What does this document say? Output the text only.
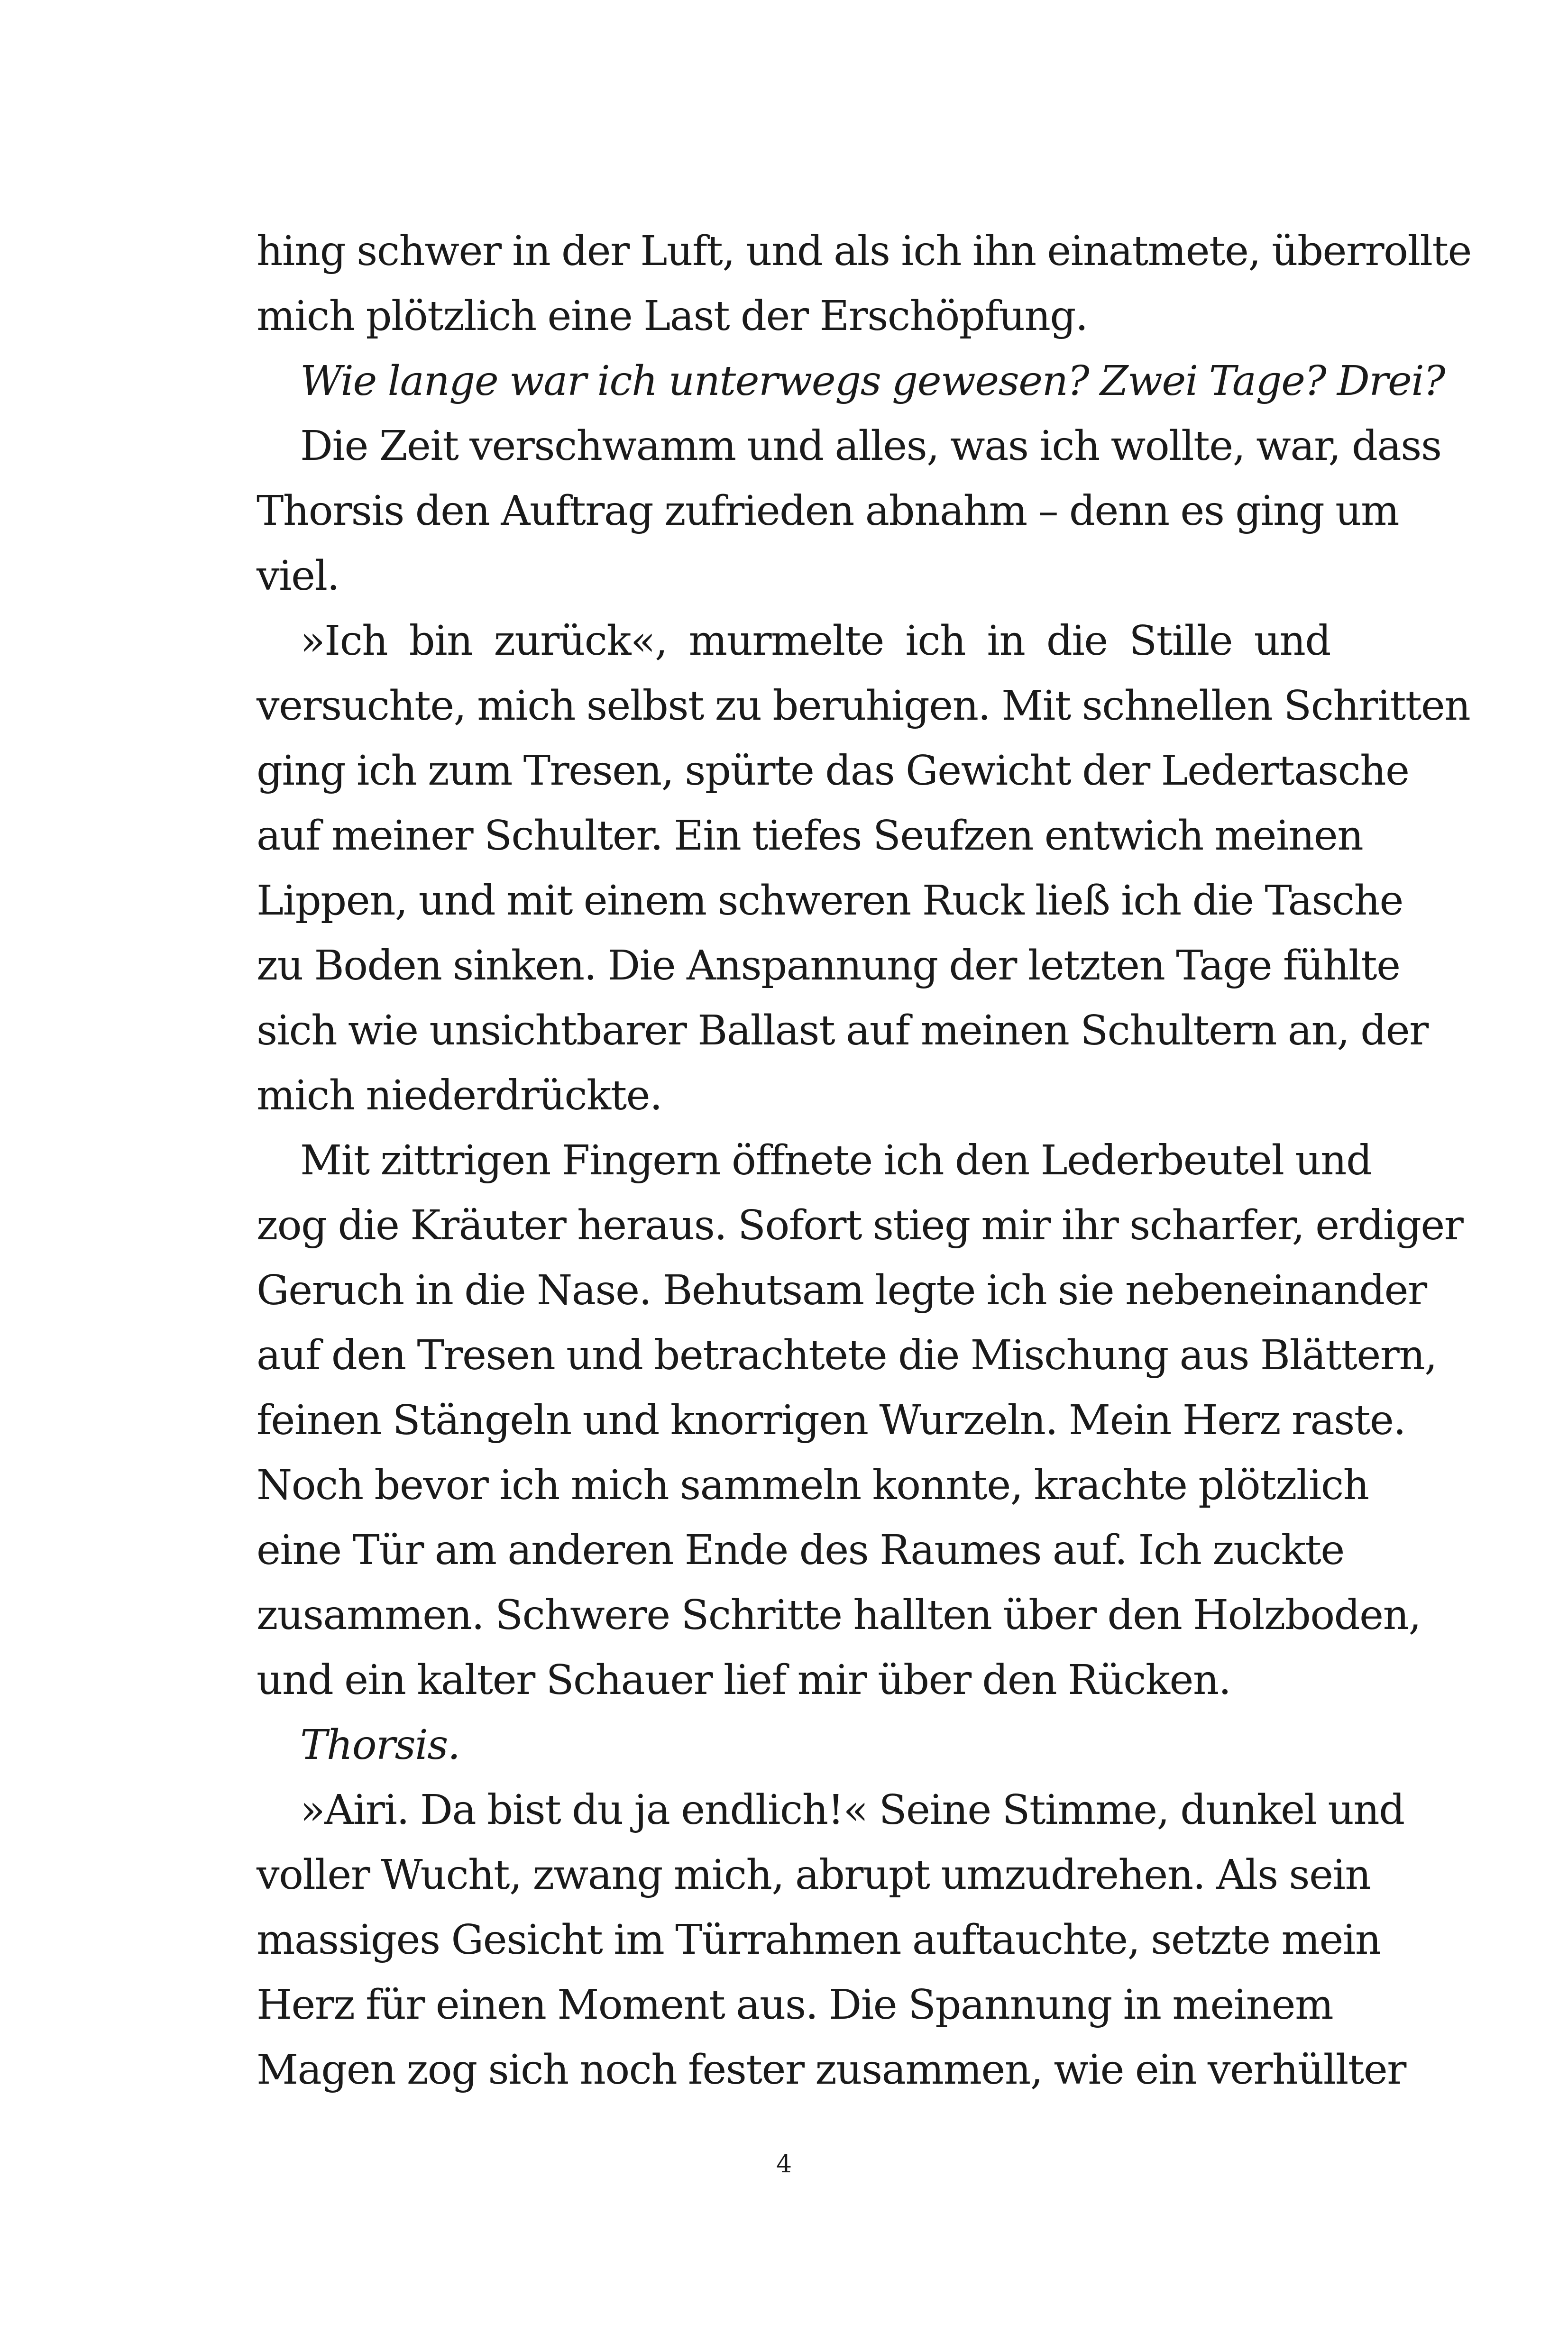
hing schwer in der Luft, und als ich ihn einatmete, überrollte
mich plötzlich eine Last der Erschöpfung.
Wie lange war ich unterwegs gewesen? Zwei Tage? Drei?
Die Zeit verschwamm und alles, was ich wollte, war, dass
Thorsis den Auftrag zufrieden abnahm – denn es ging um
viel.
»Ich bin zurück«, murmelte ich in die Stille und
versuchte, mich selbst zu beruhigen. Mit schnellen Schritten
ging ich zum Tresen, spürte das Gewicht der Ledertasche
auf meiner Schulter. Ein tiefes Seufzen entwich meinen
Lippen, und mit einem schweren Ruck ließ ich die Tasche
zu Boden sinken. Die Anspannung der letzten Tage fühlte
sich wie unsichtbarer Ballast auf meinen Schultern an, der
mich niederdrückte.
Mit zittrigen Fingern öffnete ich den Lederbeutel und
zog die Kräuter heraus. Sofort stieg mir ihr scharfer, erdiger
Geruch in die Nase. Behutsam legte ich sie nebeneinander
auf den Tresen und betrachtete die Mischung aus Blättern,
feinen Stängeln und knorrigen Wurzeln. Mein Herz raste.
Noch bevor ich mich sammeln konnte, krachte plötzlich
eine Tür am anderen Ende des Raumes auf. Ich zuckte
zusammen. Schwere Schritte hallten über den Holzboden,
und ein kalter Schauer lief mir über den Rücken.
Thorsis.
»Airi. Da bist du ja endlich!« Seine Stimme, dunkel und
voller Wucht, zwang mich, abrupt umzudrehen. Als sein
massiges Gesicht im Türrahmen auftauchte, setzte mein
Herz für einen Moment aus. Die Spannung in meinem
Magen zog sich noch fester zusammen, wie ein verhüllter
4
